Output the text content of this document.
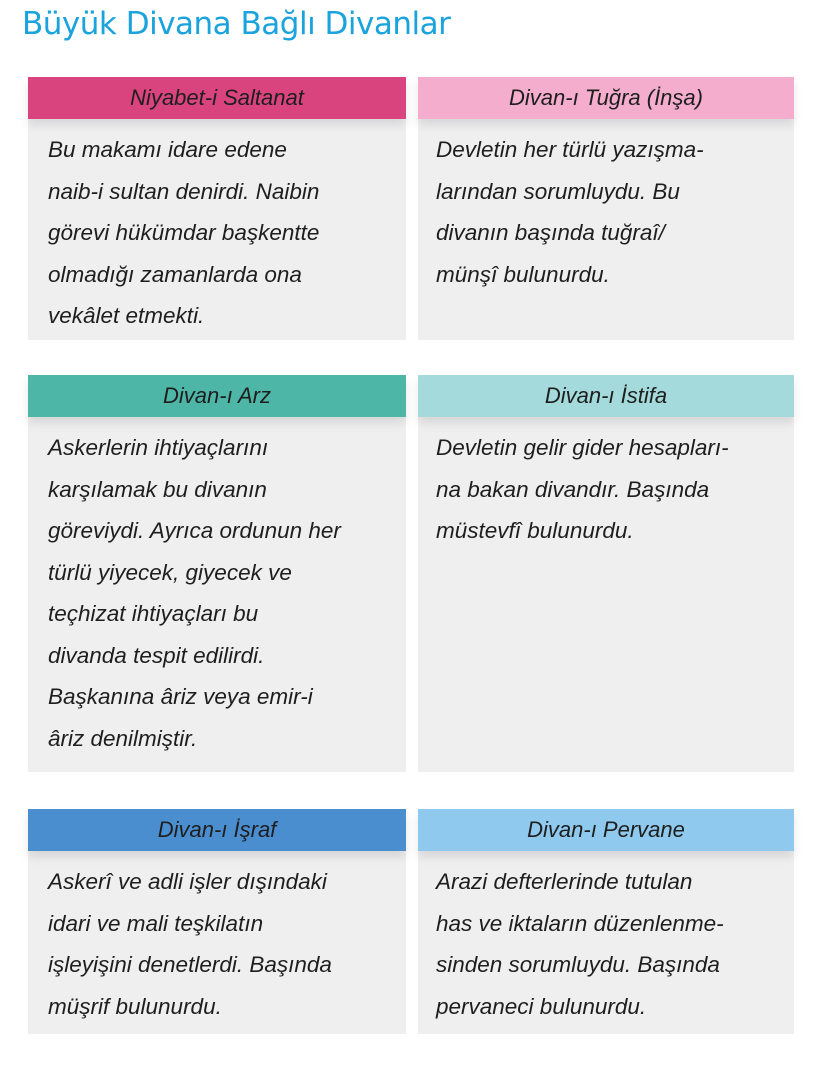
Büyük Divana Bağlı Divanlar
Niyabet-i Saltanat
Bu makamı idare edene
naib-i sultan denirdi. Naibin
görevi hükümdar başkentte
olmadığı zamanlarda ona
vekâlet etmekti.
Divan-ı Tuğra (İnşa)
Devletin her türlü yazışma-
larından sorumluydu. Bu
divanın başında tuğraî/
münşî bulunurdu.
Divan-ı Arz
Askerlerin ihtiyaçlarını
karşılamak bu divanın
göreviydi. Ayrıca ordunun her
türlü yiyecek, giyecek ve
teçhizat ihtiyaçları bu
divanda tespit edilirdi.
Başkanına âriz veya emir-i
âriz denilmiştir.
Divan-ı İstifa
Devletin gelir gider hesapları-
na bakan divandır. Başında
müstevfî bulunurdu.
Divan-ı İşraf
Askerî ve adli işler dışındaki
idari ve mali teşkilatın
işleyişini denetlerdi. Başında
müşrif bulunurdu.
Divan-ı Pervane
Arazi defterlerinde tutulan
has ve iktaların düzenlenme-
sinden sorumluydu. Başında
pervaneci bulunurdu.
